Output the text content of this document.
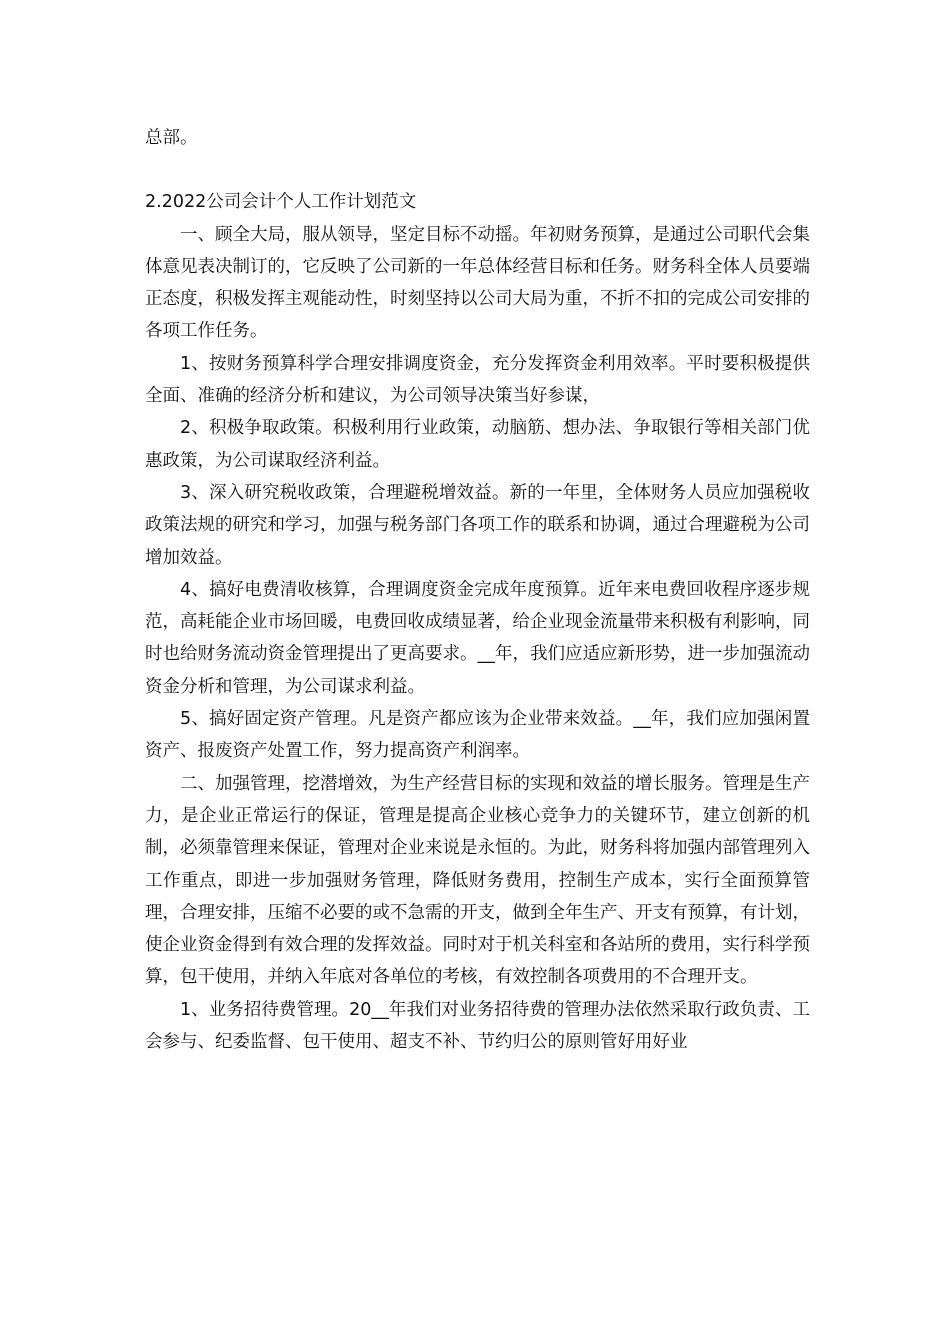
总部。

2.2022公司会计个人工作计划范文

一、顾全大局，服从领导，坚定目标不动摇。年初财务预算，是通过公司职代会集体意见表决制订的，它反映了公司新的一年总体经营目标和任务。财务科全体人员要端正态度，积极发挥主观能动性，时刻坚持以公司大局为重，不折不扣的完成公司安排的各项工作任务。

1、按财务预算科学合理安排调度资金，充分发挥资金利用效率。平时要积极提供全面、准确的经济分析和建议，为公司领导决策当好参谋，

2、积极争取政策。积极利用行业政策，动脑筋、想办法、争取银行等相关部门优惠政策，为公司谋取经济利益。

3、深入研究税收政策，合理避税增效益。新的一年里，全体财务人员应加强税收政策法规的研究和学习，加强与税务部门各项工作的联系和协调，通过合理避税为公司增加效益。

4、搞好电费清收核算，合理调度资金完成年度预算。近年来电费回收程序逐步规范，高耗能企业市场回暖，电费回收成绩显著，给企业现金流量带来积极有利影响，同时也给财务流动资金管理提出了更高要求。__年，我们应适应新形势，进一步加强流动资金分析和管理，为公司谋求利益。

5、搞好固定资产管理。凡是资产都应该为企业带来效益。__年，我们应加强闲置资产、报废资产处置工作，努力提高资产利润率。

二、加强管理，挖潜增效，为生产经营目标的实现和效益的增长服务。管理是生产力，是企业正常运行的保证，管理是提高企业核心竞争力的关键环节，建立创新的机制，必须靠管理来保证，管理对企业来说是永恒的。为此，财务科将加强内部管理列入工作重点，即进一步加强财务管理，降低财务费用，控制生产成本，实行全面预算管理，合理安排，压缩不必要的或不急需的开支，做到全年生产、开支有预算，有计划，使企业资金得到有效合理的发挥效益。同时对于机关科室和各站所的费用，实行科学预算，包干使用，并纳入年底对各单位的考核，有效控制各项费用的不合理开支。

1、业务招待费管理。20__年我们对业务招待费的管理办法依然采取行政负责、工会参与、纪委监督、包干使用、超支不补、节约归公的原则管好用好业
